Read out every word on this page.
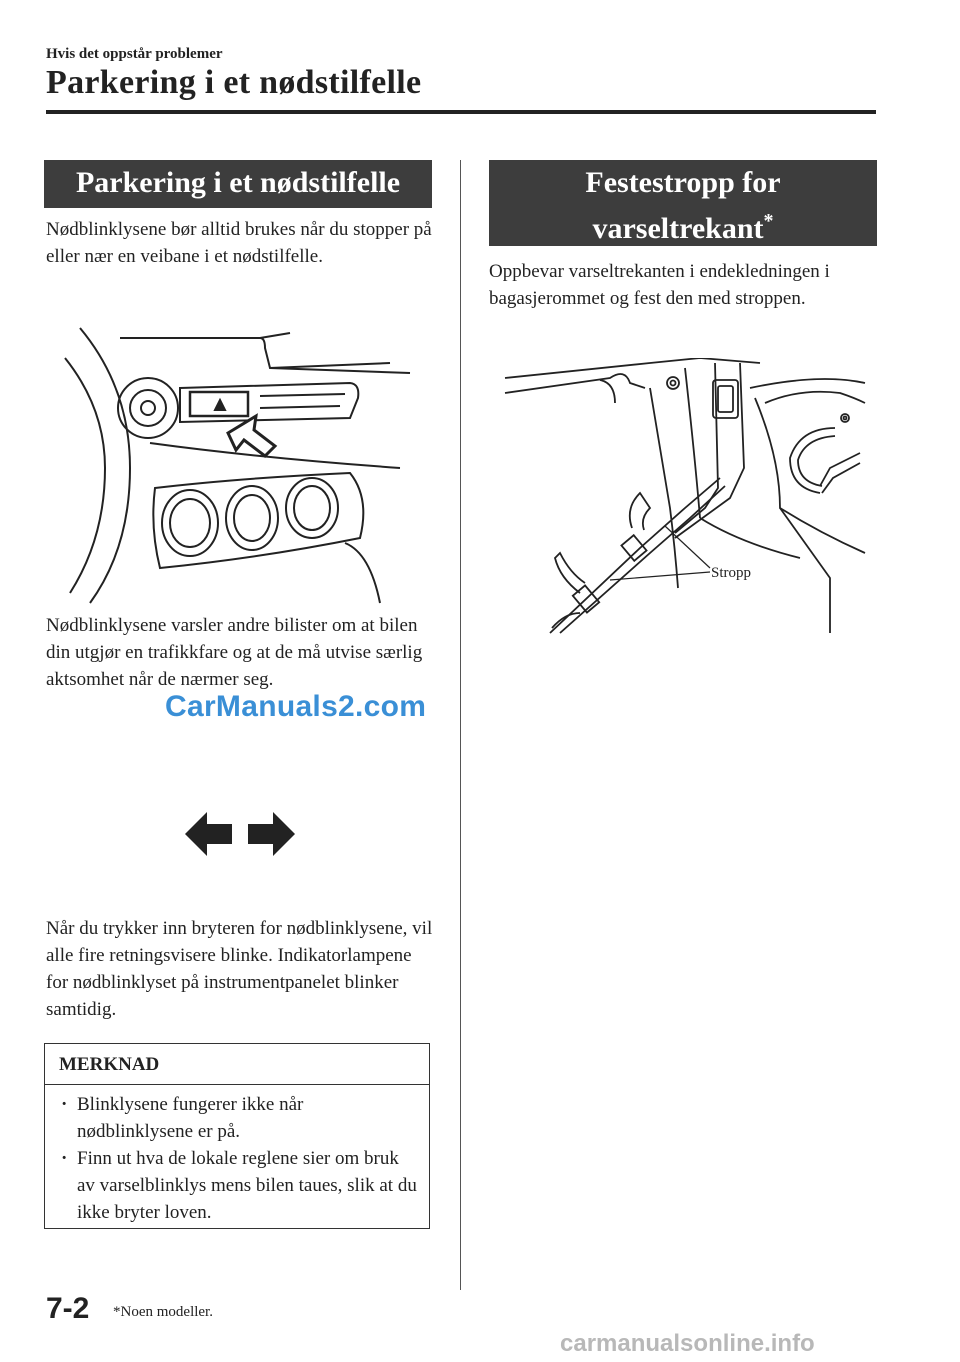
Hvis det oppstår problemer
Parkering i et nødstilfelle
Parkering i et nødstilfelle
Nødblinklysene bør alltid brukes når du stopper på eller nær en veibane i et nødstilfelle.
Nødblinklysene varsler andre bilister om at bilen din utgjør en trafikkfare og at de må utvise særlig aktsomhet når de nærmer seg.
CarManuals2.com
Når du trykker inn bryteren for nødblinklysene, vil alle fire retningsvisere blinke. Indikatorlampene for nødblinklyset på instrumentpanelet blinker samtidig.
MERKNAD
· Blinklysene fungerer ikke når nødblinklysene er på.
· Finn ut hva de lokale reglene sier om bruk av varselblinklys mens bilen taues, slik at du ikke bryter loven.
Festestropp for
varseltrekant*
Oppbevar varseltrekanten i endekledningen i bagasjerommet og fest den med stroppen.
Stropp
7-2 *Noen modeller.
carmanualsonline.info
